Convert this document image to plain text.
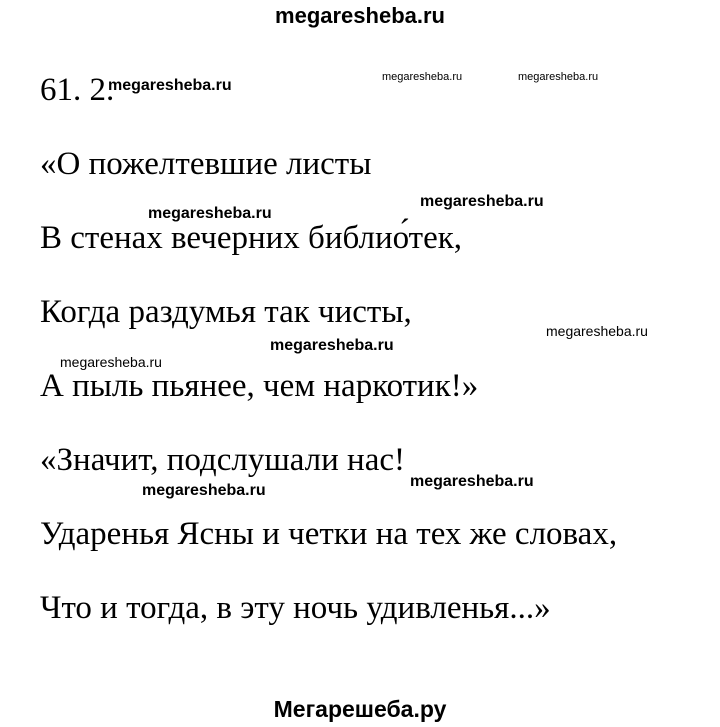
megaresheba.ru
61. 2.
«О пожелтевшие листы
В стенах вечерних библио́тек,
Когда раздумья так чисты,
А пыль пьянее, чем наркотик!»
«Значит, подслушали нас!
Ударенья Ясны и четки на тех же словах,
Что и тогда, в эту ночь удивленья...»
megaresheba.ru	megaresheba.ru	megaresheba.ru
megaresheba.ru
megaresheba.ru
megaresheba.ru
megaresheba.ru
megaresheba.ru
megaresheba.ru
megaresheba.ru
Мегарешеба.ру
